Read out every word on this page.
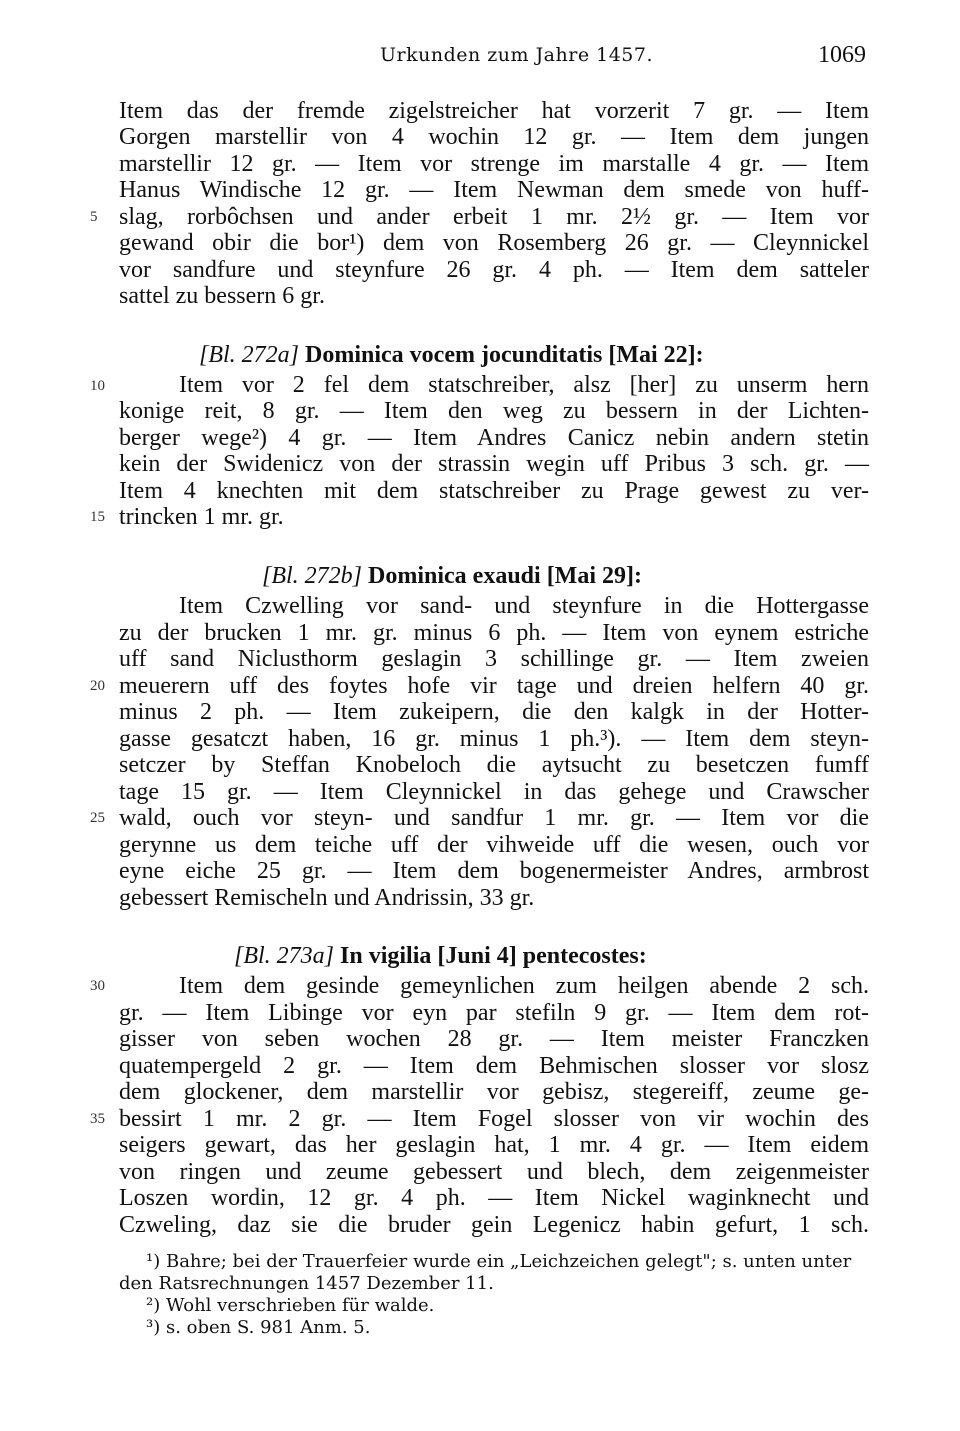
Urkunden zum Jahre 1457.	1069
Item das der fremde zigelstreicher hat vorzerit 7 gr. — Item
Gorgen marstellir von 4 wochin 12 gr. — Item dem jungen
marstellir 12 gr. — Item vor strenge im marstalle 4 gr. — Item
Hanus Windische 12 gr. — Item Newman dem smede von huff-
5 slag, rorbôchsen und ander erbeit 1 mr. 2½ gr. — Item vor
gewand obir die bor¹) dem von Rosemberg 26 gr. — Cleynnickel
vor sandfure und steynfure 26 gr. 4 ph. — Item dem satteler
sattel zu bessern 6 gr.
[Bl. 272a] Dominica vocem jocunditatis [Mai 22]:
10	Item vor 2 fel dem statschreiber, alsz [her] zu unserm hern
konige reit, 8 gr. — Item den weg zu bessern in der Lichten-
berger wege²) 4 gr. — Item Andres Canicz nebin andern stetin
kein der Swidenicz von der strassin wegin uff Pribus 3 sch. gr. —
Item 4 knechten mit dem statschreiber zu Prage gewest zu ver-
15 trincken 1 mr. gr.
[Bl. 272b] Dominica exaudi [Mai 29]:
Item Czwelling vor sand- und steynfure in die Hottergasse
zu der brucken 1 mr. gr. minus 6 ph. — Item von eynem estriche
uff sand Niclusthorm geslagin 3 schillinge gr. — Item zweien
20 meuerern uff des foytes hofe vir tage und dreien helfern 40 gr.
minus 2 ph. — Item zukeipern, die den kalgk in der Hotter-
gasse gesatczt haben, 16 gr. minus 1 ph.³). — Item dem steyn-
setczer by Steffan Knobeloch die aytsucht zu besetczen fumff
tage 15 gr. — Item Cleynnickel in das gehege und Crawscher
25 wald, ouch vor steyn- und sandfur 1 mr. gr. — Item vor die
gerynne us dem teiche uff der vihweide uff die wesen, ouch vor
eyne eiche 25 gr. — Item dem bogenermeister Andres, armbrost
gebessert Remischeln und Andrissin, 33 gr.
[Bl. 273a] In vigilia [Juni 4] pentecostes:
30	Item dem gesinde gemeynlichen zum heilgen abende 2 sch.
gr. — Item Libinge vor eyn par stefiln 9 gr. — Item dem rot-
gisser von seben wochen 28 gr. — Item meister Franczken
quatempergeld 2 gr. — Item dem Behmischen slosser vor slosz
dem glockener, dem marstellir vor gebisz, stegereiff, zeume ge-
35 bessirt 1 mr. 2 gr. — Item Fogel slosser von vir wochin des
seigers gewart, das her geslagin hat, 1 mr. 4 gr. — Item eidem
von ringen und zeume gebessert und blech, dem zeigenmeister
Loszen wordin, 12 gr. 4 ph. — Item Nickel waginknecht und
Czweling, daz sie die bruder gein Legenicz habin gefurt, 1 sch.
¹) Bahre; bei der Trauerfeier wurde ein „Leichzeichen gelegt"; s. unten unter
den Ratsrechnungen 1457 Dezember 11.
²) Wohl verschrieben für walde.
³) s. oben S. 981 Anm. 5.
